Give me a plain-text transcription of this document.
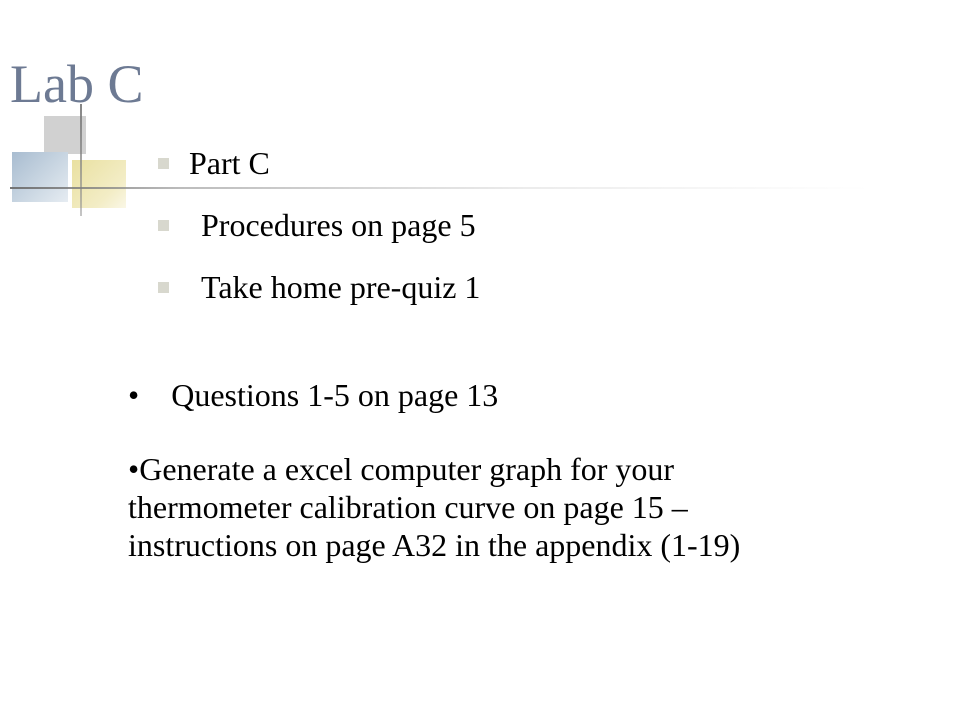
Lab C
Part C
Procedures on page 5
Take home pre-quiz 1

• Questions 1-5 on page 13

•Generate a excel computer graph for your thermometer calibration curve on page 15 – instructions on page A32 in the appendix (1-19)
